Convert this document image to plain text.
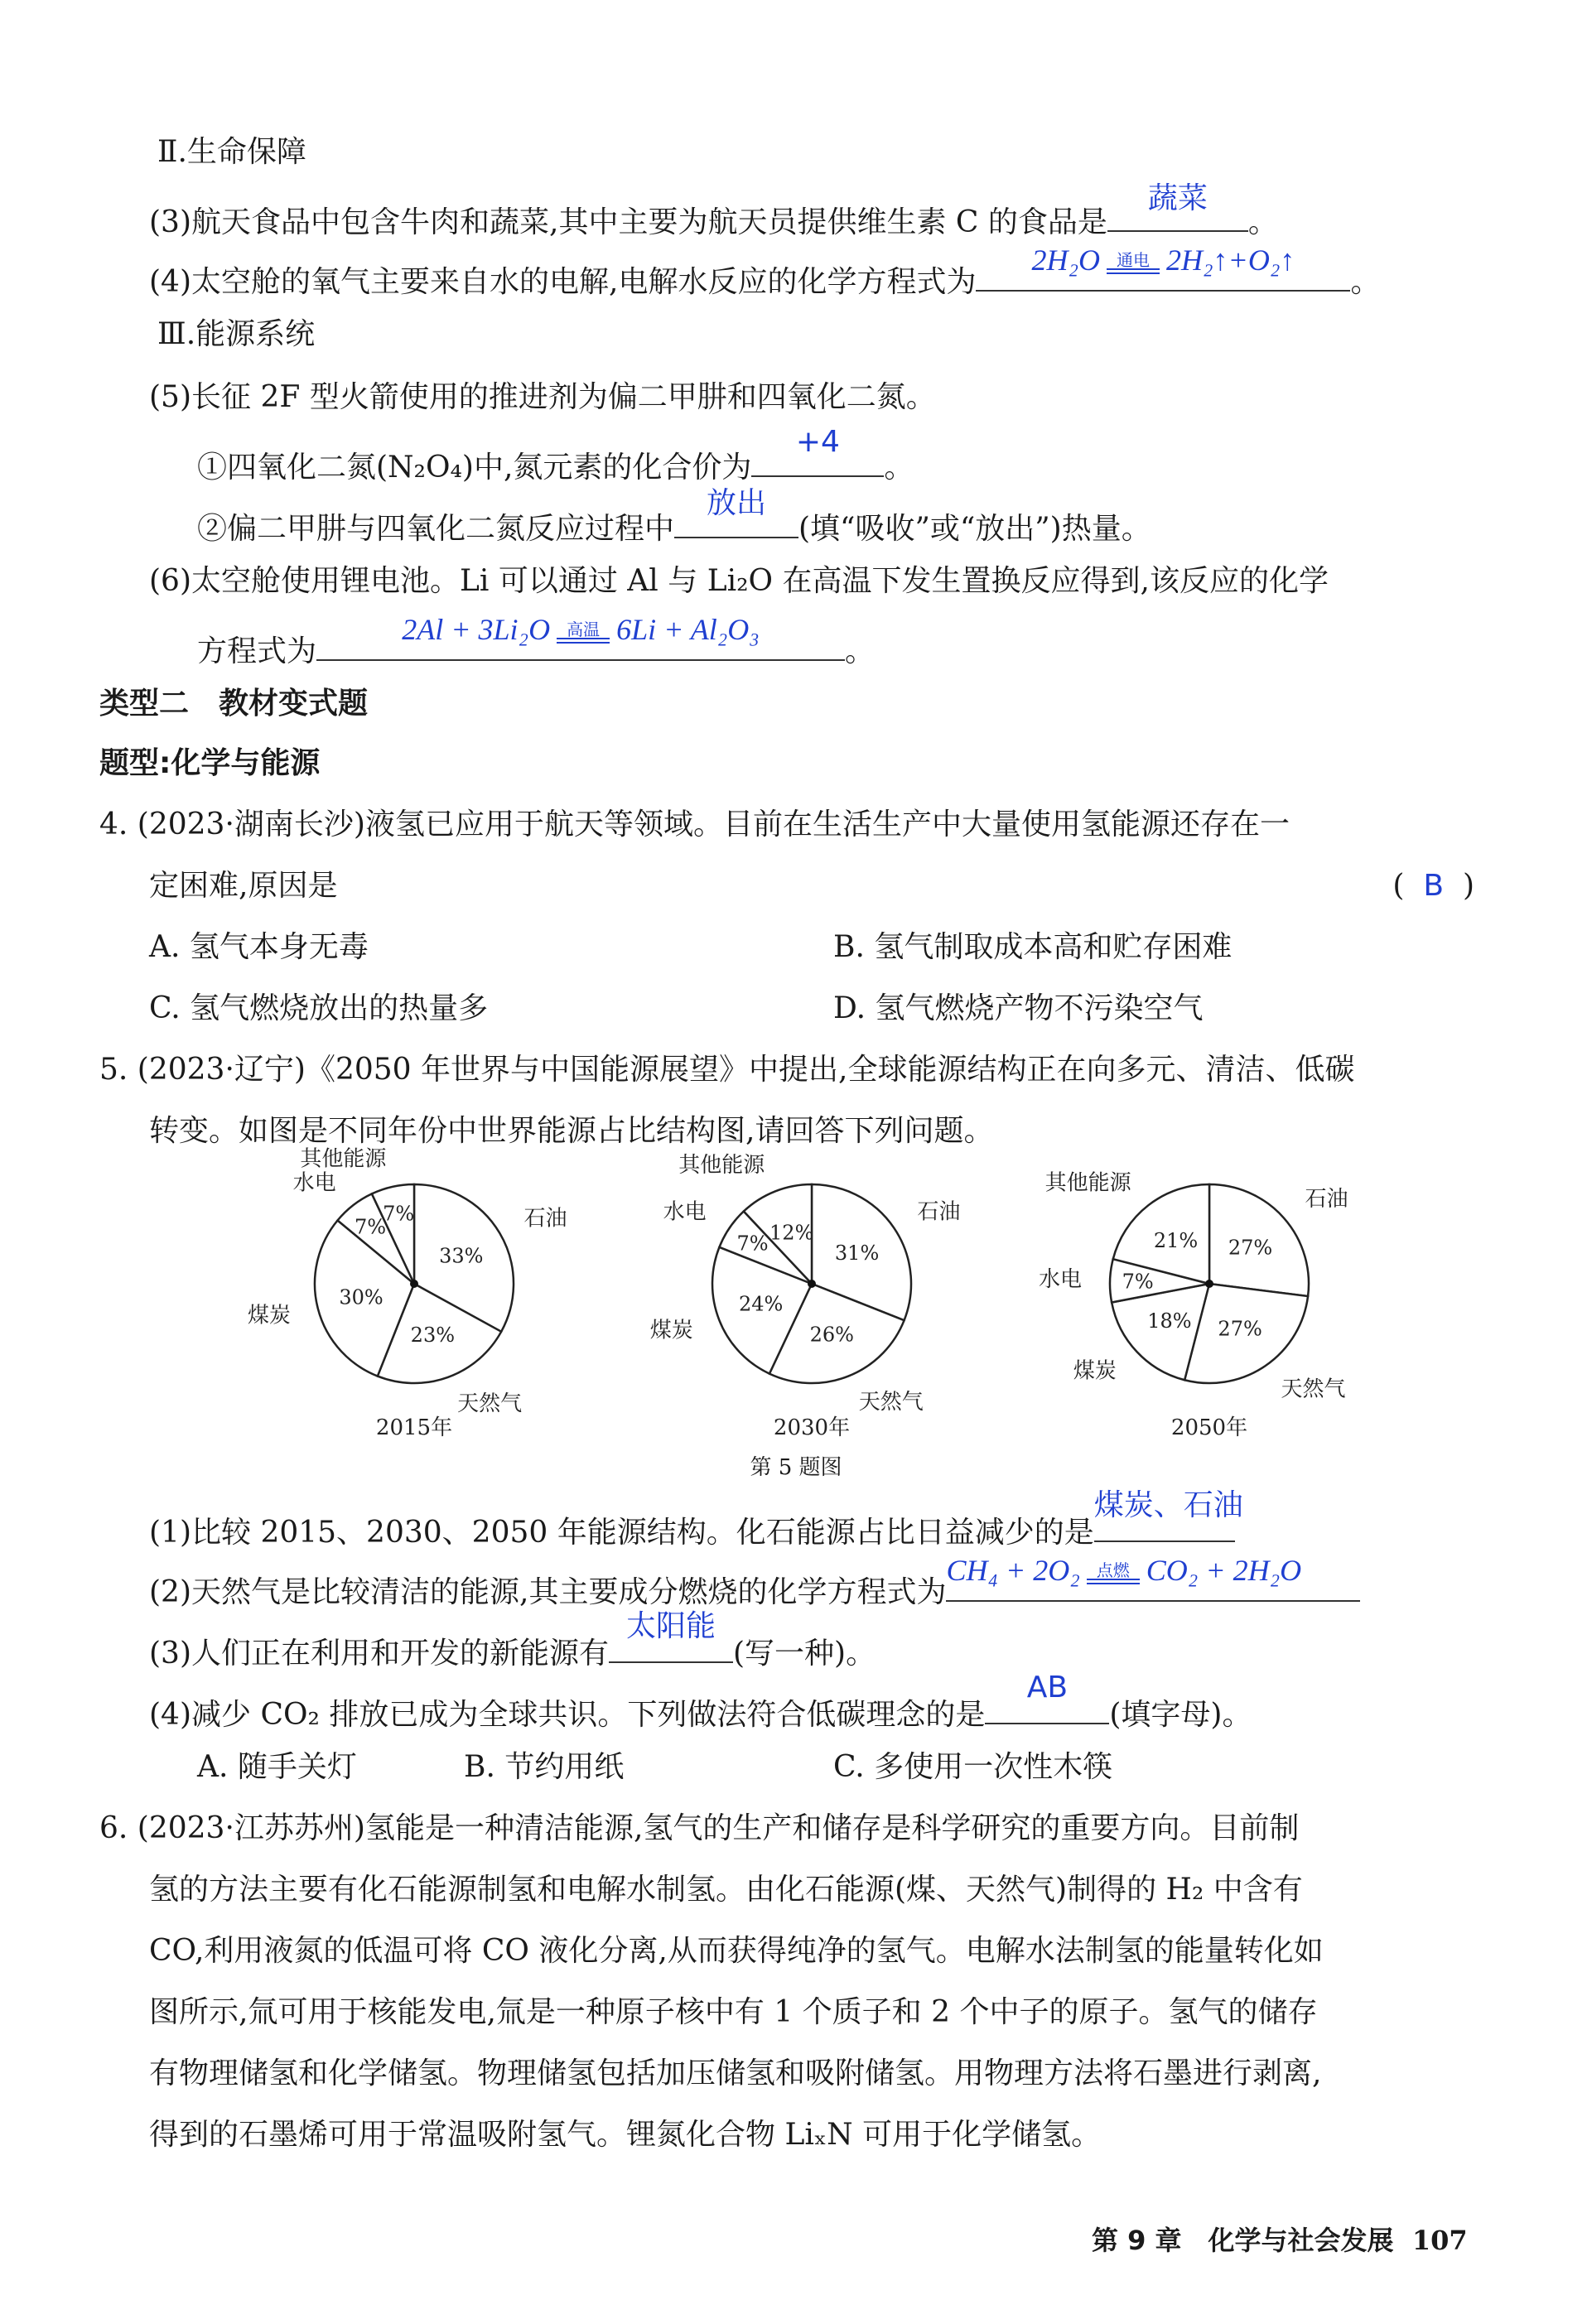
Ⅱ.生命保障
(3)航天食品中包含牛肉和蔬菜,其中主要为航天员提供维生素 C 的食品是
蔬菜
。
(4)太空舱的氧气主要来自水的电解,电解水反应的化学方程式为
2H₂O	通电 2H₂↑+O₂↑
。
Ⅲ.能源系统
(5)长征 2F 型火箭使用的推进剂为偏二甲肼和四氧化二氮。
①四氧化二氮(N₂O₄)中,氮元素的化合价为
+4
。
②偏二甲肼与四氧化二氮反应过程中
放出
(填“吸收”或“放出”)热量。
(6)太空舱使用锂电池。Li 可以通过 Al 与 Li₂O 在高温下发生置换反应得到,该反应的化学
方程式为
2Al + 3Li₂O	高温 6Li + Al₂O₃
。
类型二　教材变式题
题型:化学与能源
4. (2023·湖南长沙)液氢已应用于航天等领域。目前在生活生产中大量使用氢能源还存在一
定困难,原因是	(  B  )
A. 氢气本身无毒	B. 氢气制取成本高和贮存困难
C. 氢气燃烧放出的热量多	D. 氢气燃烧产物不污染空气
5. (2023·辽宁)《2050 年世界与中国能源展望》中提出,全球能源结构正在向多元、清洁、低碳
转变。如图是不同年份中世界能源占比结构图,请回答下列问题。
33%
石油
23%
天然气
30%
煤炭
7%
水电
7%
其他能源
2015年
31%
石油
26%
天然气
24%
煤炭
7%
水电
12%
其他能源
2030年
27%
石油
27%
天然气
18%
煤炭
7%
水电
21%
其他能源
2050年
第 5 题图
(1)比较 2015、2030、2050 年能源结构。化石能源占比日益减少的是
煤炭、石油
(2)天然气是比较清洁的能源,其主要成分燃烧的化学方程式为
CH₄ + 2O₂	点燃 CO₂ + 2H₂O
(3)人们正在利用和开发的新能源有
太阳能
(写一种)。
(4)减少 CO₂ 排放已成为全球共识。下列做法符合低碳理念的是
AB
(填字母)。
A. 随手关灯	B. 节约用纸	C. 多使用一次性木筷
6. (2023·江苏苏州)氢能是一种清洁能源,氢气的生产和储存是科学研究的重要方向。目前制
氢的方法主要有化石能源制氢和电解水制氢。由化石能源(煤、天然气)制得的 H₂ 中含有
CO,利用液氮的低温可将 CO 液化分离,从而获得纯净的氢气。电解水法制氢的能量转化如
图所示,氚可用于核能发电,氚是一种原子核中有 1 个质子和 2 个中子的原子。氢气的储存
有物理储氢和化学储氢。物理储氢包括加压储氢和吸附储氢。用物理方法将石墨进行剥离,
得到的石墨烯可用于常温吸附氢气。锂氮化合物 LiₓN 可用于化学储氢。
第 9 章　化学与社会发展 107
